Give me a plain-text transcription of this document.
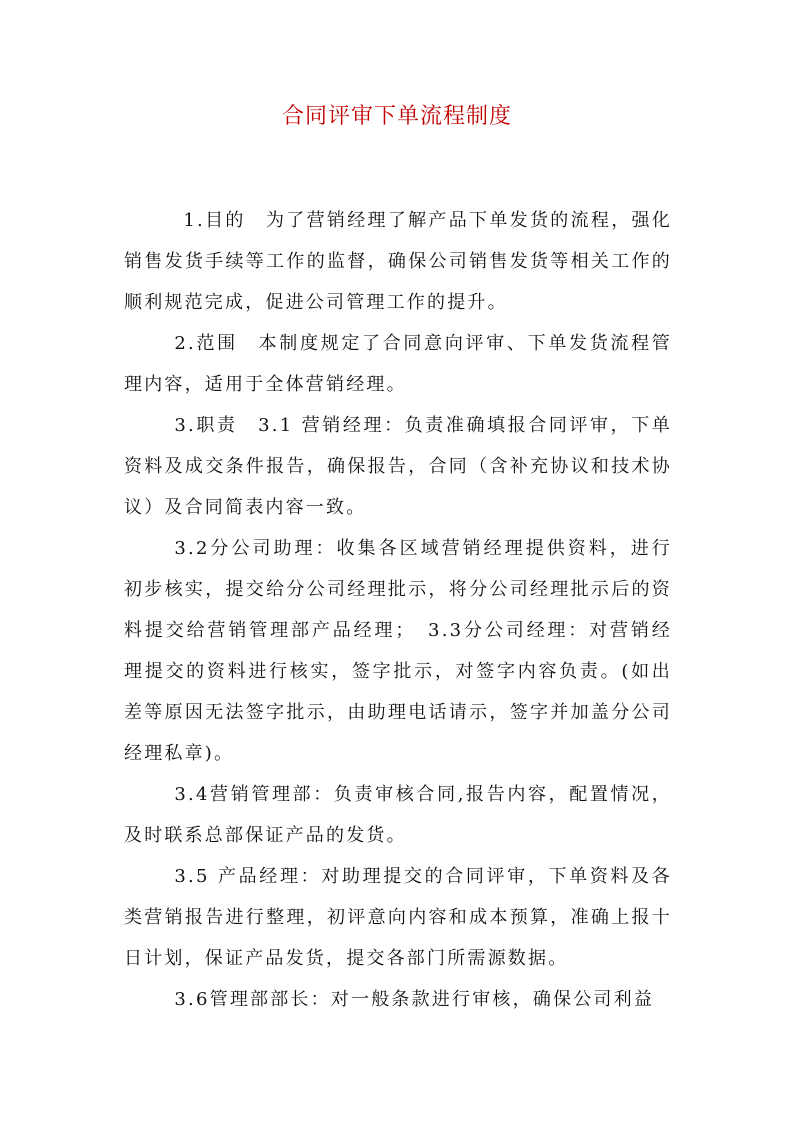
合同评审下单流程制度

1.目的　为了营销经理了解产品下单发货的流程，强化销售发货手续等工作的监督，确保公司销售发货等相关工作的顺利规范完成，促进公司管理工作的提升。

2.范围　本制度规定了合同意向评审、下单发货流程管理内容，适用于全体营销经理。

3.职责　3.1 营销经理：负责准确填报合同评审，下单资料及成交条件报告，确保报告，合同（含补充协议和技术协议）及合同简表内容一致。

3.2分公司助理：收集各区域营销经理提供资料，进行初步核实，提交给分公司经理批示，将分公司经理批示后的资料提交给营销管理部产品经理；　3.3分公司经理：对营销经理提交的资料进行核实，签字批示，对签字内容负责。(如出差等原因无法签字批示，由助理电话请示，签字并加盖分公司经理私章)。

3.4营销管理部：负责审核合同,报告内容，配置情况，及时联系总部保证产品的发货。

3.5 产品经理：对助理提交的合同评审，下单资料及各类营销报告进行整理，初评意向内容和成本预算，准确上报十日计划，保证产品发货，提交各部门所需源数据。

3.6管理部部长：对一般条款进行审核，确保公司利益
